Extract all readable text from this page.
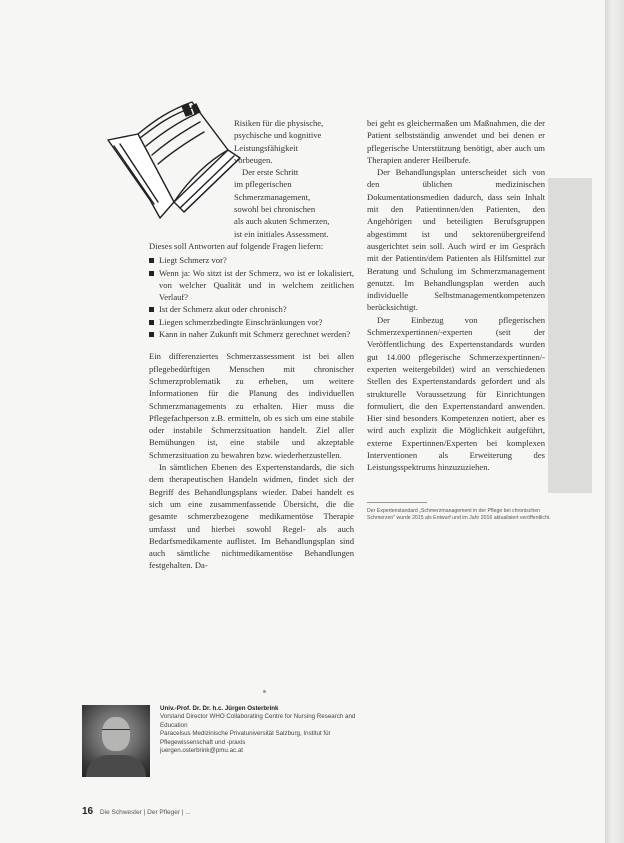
Risiken für die physische,
psychische und kognitive
Leistungsfähigkeit
vorbeugen.
Der erste Schritt
im pflegerischen
Schmerzmanagement,
sowohl bei chronischen
als auch akuten Schmerzen,
ist ein initiales Assessment.

Dieses soll Antworten auf folgende Fragen liefern:

Liegt Schmerz vor?
Wenn ja: Wo sitzt ist der Schmerz, wo ist er lokalisiert, von welcher Qualität und in welchem zeitlichen Verlauf?
Ist der Schmerz akut oder chronisch?
Liegen schmerzbedingte Einschränkungen vor?
Kann in naher Zukunft mit Schmerz gerechnet werden?

Ein differenziertes Schmerzassessment ist bei allen pflegebedürftigen Menschen mit chronischer Schmerzproblematik zu erheben, um weitere Informationen für die Planung des individuellen Schmerzmanagements zu erhalten. Hier muss die Pflegefachperson z.B. ermitteln, ob es sich um eine stabile oder instabile Schmerzsituation handelt. Ziel aller Bemühungen ist, eine stabile und akzeptable Schmerzsituation zu bewahren bzw. wiederherzustellen.

In sämtlichen Ebenen des Expertenstandards, die sich dem therapeutischen Handeln widmen, findet sich der Begriff des Behandlungsplans wieder. Dabei handelt es sich um eine zusammenfassende Übersicht, die die gesamte schmerzbezogene medikamentöse Therapie umfasst und hierbei sowohl Regel- als auch Bedarfsmedikamente auflistet. Im Behandlungsplan sind auch sämtliche nichtmedikamentöse Behandlungen festgehalten. Da-

bei geht es gleichermaßen um Maßnahmen, die der Patient selbstständig anwendet und bei denen er pflegerische Unterstützung benötigt, aber auch um Therapien anderer Heilberufe.

Der Behandlungsplan unterscheidet sich von den üblichen medizinischen Dokumentationsmedien dadurch, dass sein Inhalt mit den Patientinnen/den Patienten, den Angehörigen und beteiligten Berufsgruppen abgestimmt ist und sektorenübergreifend ausgerichtet sein soll. Auch wird er im Gespräch mit der Patientin/dem Patienten als Hilfsmittel zur Beratung und Schulung im Schmerzmanagement genutzt. Im Behandlungsplan werden auch individuelle Selbstmanagementkompetenzen berücksichtigt.

Der Einbezug von pflegerischen Schmerzexpertinnen/-experten (seit der Veröffentlichung des Expertenstandards wurden gut 14.000 pflegerische Schmerzexpertinnen/-experten weitergebildet) wird an verschiedenen Stellen des Expertenstandards gefordert und als strukturelle Voraussetzung für Einrichtungen formuliert, die den Expertenstandard anwenden. Hier sind besonders Kompetenzen notiert, aber es wird auch explizit die Möglichkeit aufgeführt, externe Expertinnen/Experten bei komplexen Interventionen als Erweiterung des Leistungsspektrums hinzuzuziehen.

Der Expertenstandard „Schmerzmanagement in der Pflege bei chronischen Schmerzen" wurde 2015 als Entwurf und im Jahr 2016 aktualisiert veröffentlicht.
Univ.-Prof. Dr. Dr. h.c. Jürgen Osterbrink
Vorstand Director WHO Collaborating Centre for Nursing Research and Education
Paracelsus Medizinische Privatuniversität Salzburg, Institut für Pflegewissenschaft und -praxis
juergen.osterbrink@pmu.ac.at
16 Die Schwester | Der Pfleger | ...
